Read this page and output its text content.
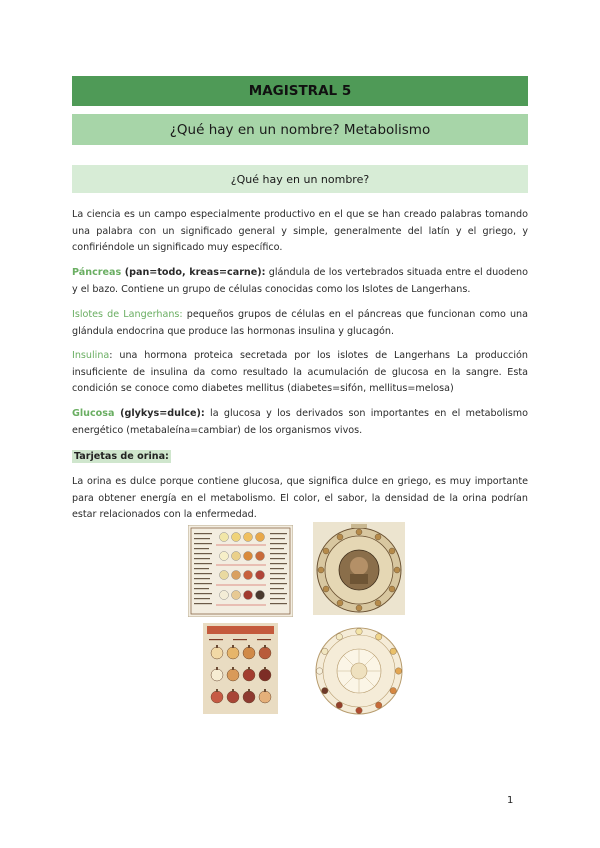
MAGISTRAL 5
¿Qué hay en un nombre? Metabolismo
¿Qué hay en un nombre?

La ciencia es un campo especialmente productivo en el que se han creado palabras tomando una palabra con un significado general y simple, generalmente del latín y el griego, y confiriéndole un significado muy específico.

Páncreas (pan=todo, kreas=carne): glándula de los vertebrados situada entre el duodeno y el bazo. Contiene un grupo de células conocidas como los Islotes de Langerhans.

Islotes de Langerhans: pequeños grupos de células en el páncreas que funcionan como una glándula endocrina que produce las hormonas insulina y glucagón.

Insulina: una hormona proteica secretada por los islotes de Langerhans La producción insuficiente de insulina da como resultado la acumulación de glucosa en la sangre. Esta condición se conoce como diabetes mellitus (diabetes=sifón, mellitus=melosa)

Glucosa (glykys=dulce): la glucosa y los derivados son importantes en el metabolismo energético (metabaleína=cambiar) de los organismos vivos.

Tarjetas de orina:

La orina es dulce porque contiene glucosa, que significa dulce en griego, es muy importante para obtener energía en el metabolismo. El color, el sabor, la densidad de la orina podrían estar relacionados con la enfermedad.

1
